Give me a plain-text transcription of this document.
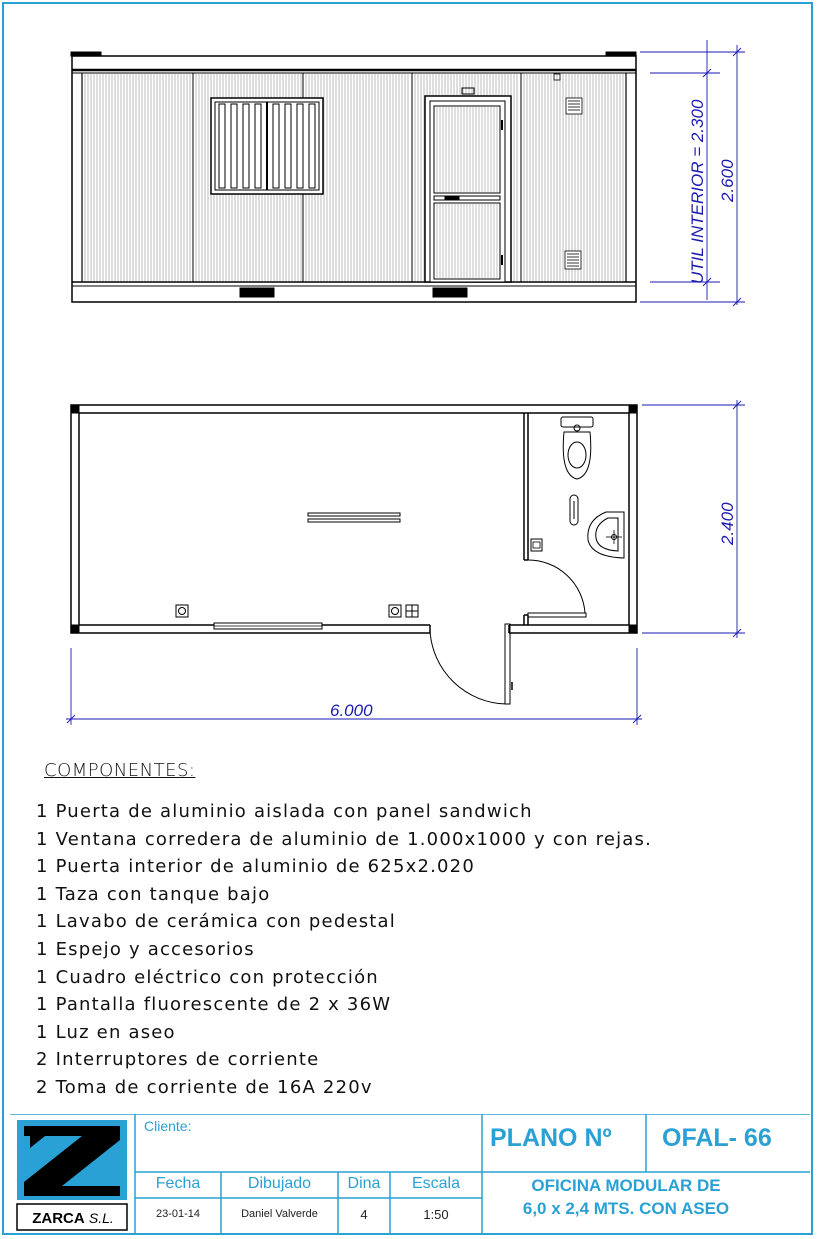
UTIL INTERIOR = 2.300 2.600
2.400
6.000
COMPONENTES:
1 Puerta de aluminio aislada con panel sandwich
1 Ventana corredera de aluminio de 1.000x1000 y con rejas.
1 Puerta interior de aluminio de 625x2.020
1 Taza con tanque bajo
1 Lavabo de cerámica con pedestal
1 Espejo y accesorios
1 Cuadro eléctrico con protección
1 Pantalla fluorescente de 2 x 36W
1 Luz en aseo
2 Interruptores de corriente
2 Toma de corriente de 16A 220v
ZARCA S.L.
Cliente:	PLANO Nº OFAL- 66
Fecha	Dibujado	Dina	Escala
23-01-14	Daniel Valverde	4	1:50
OFICINA MODULAR DE
6,0 x 2,4 MTS. CON ASEO
